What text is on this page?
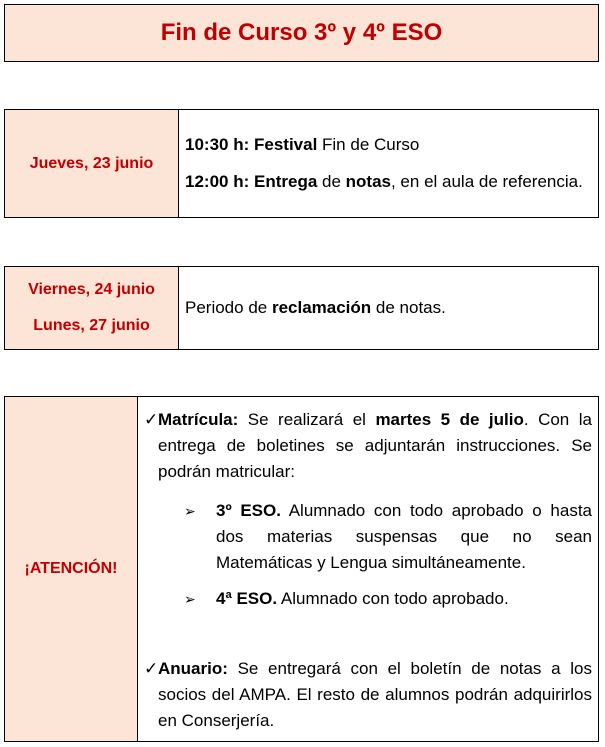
Fin de Curso 3º y 4º ESO
Jueves, 23 junio

10:30 h: Festival Fin de Curso

12:00 h: Entrega de notas, en el aula de referencia.

Viernes, 24 junio
Lunes, 27 junio

Periodo de reclamación de notas.
¡ATENCIÓN!

✓ Matrícula: Se realizará el martes 5 de julio. Con la entrega de boletines se adjuntarán instrucciones. Se podrán matricular:
➢	3º ESO. Alumnado con todo aprobado o hasta dos materias suspensas que no sean Matemáticas y Lengua simultáneamente.
➢	4ª ESO. Alumnado con todo aprobado.
✓ Anuario: Se entregará con el boletín de notas a los socios del AMPA. El resto de alumnos podrán adquirirlos en Conserjería.
